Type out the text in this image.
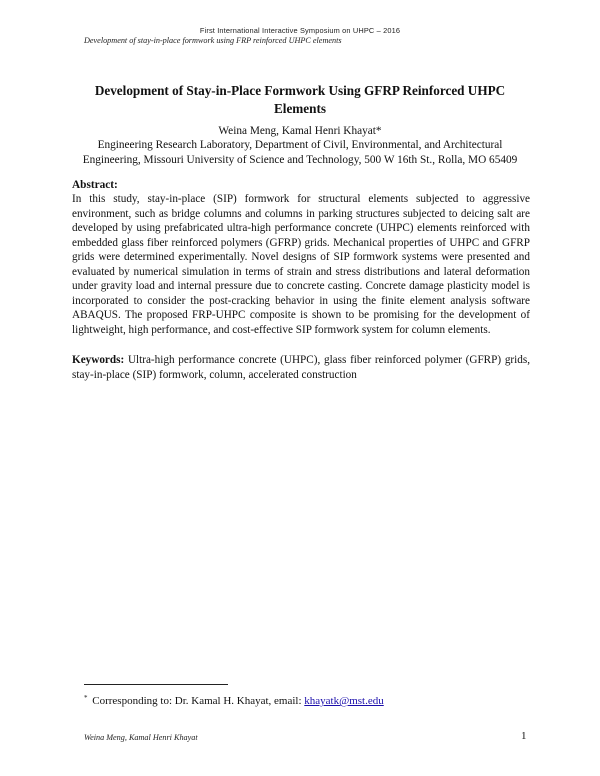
First International Interactive Symposium on UHPC – 2016
Development of stay-in-place formwork using FRP reinforced UHPC elements
Development of Stay-in-Place Formwork Using GFRP Reinforced UHPC
Elements
Weina Meng, Kamal Henri Khayat*
Engineering Research Laboratory, Department of Civil, Environmental, and Architectural
Engineering, Missouri University of Science and Technology, 500 W 16th St., Rolla, MO 65409
Abstract:

In this study, stay-in-place (SIP) formwork for structural elements subjected to aggressive environment, such as bridge columns and columns in parking structures subjected to deicing salt are developed by using prefabricated ultra-high performance concrete (UHPC) elements reinforced with embedded glass fiber reinforced polymers (GFRP) grids. Mechanical properties of UHPC and GFRP grids were determined experimentally. Novel designs of SIP formwork systems were presented and evaluated by numerical simulation in terms of strain and stress distributions and lateral deformation under gravity load and internal pressure due to concrete casting. Concrete damage plasticity model is incorporated to consider the post-cracking behavior in using the finite element analysis software ABAQUS. The proposed FRP-UHPC composite is shown to be promising for the development of lightweight, high performance, and cost-effective SIP formwork system for column elements.

Keywords: Ultra-high performance concrete (UHPC), glass fiber reinforced polymer (GFRP) grids, stay-in-place (SIP) formwork, column, accelerated construction

* Corresponding to: Dr. Kamal H. Khayat, email: khayatk@mst.edu
Weina Meng, Kamal Henri Khayat	1
